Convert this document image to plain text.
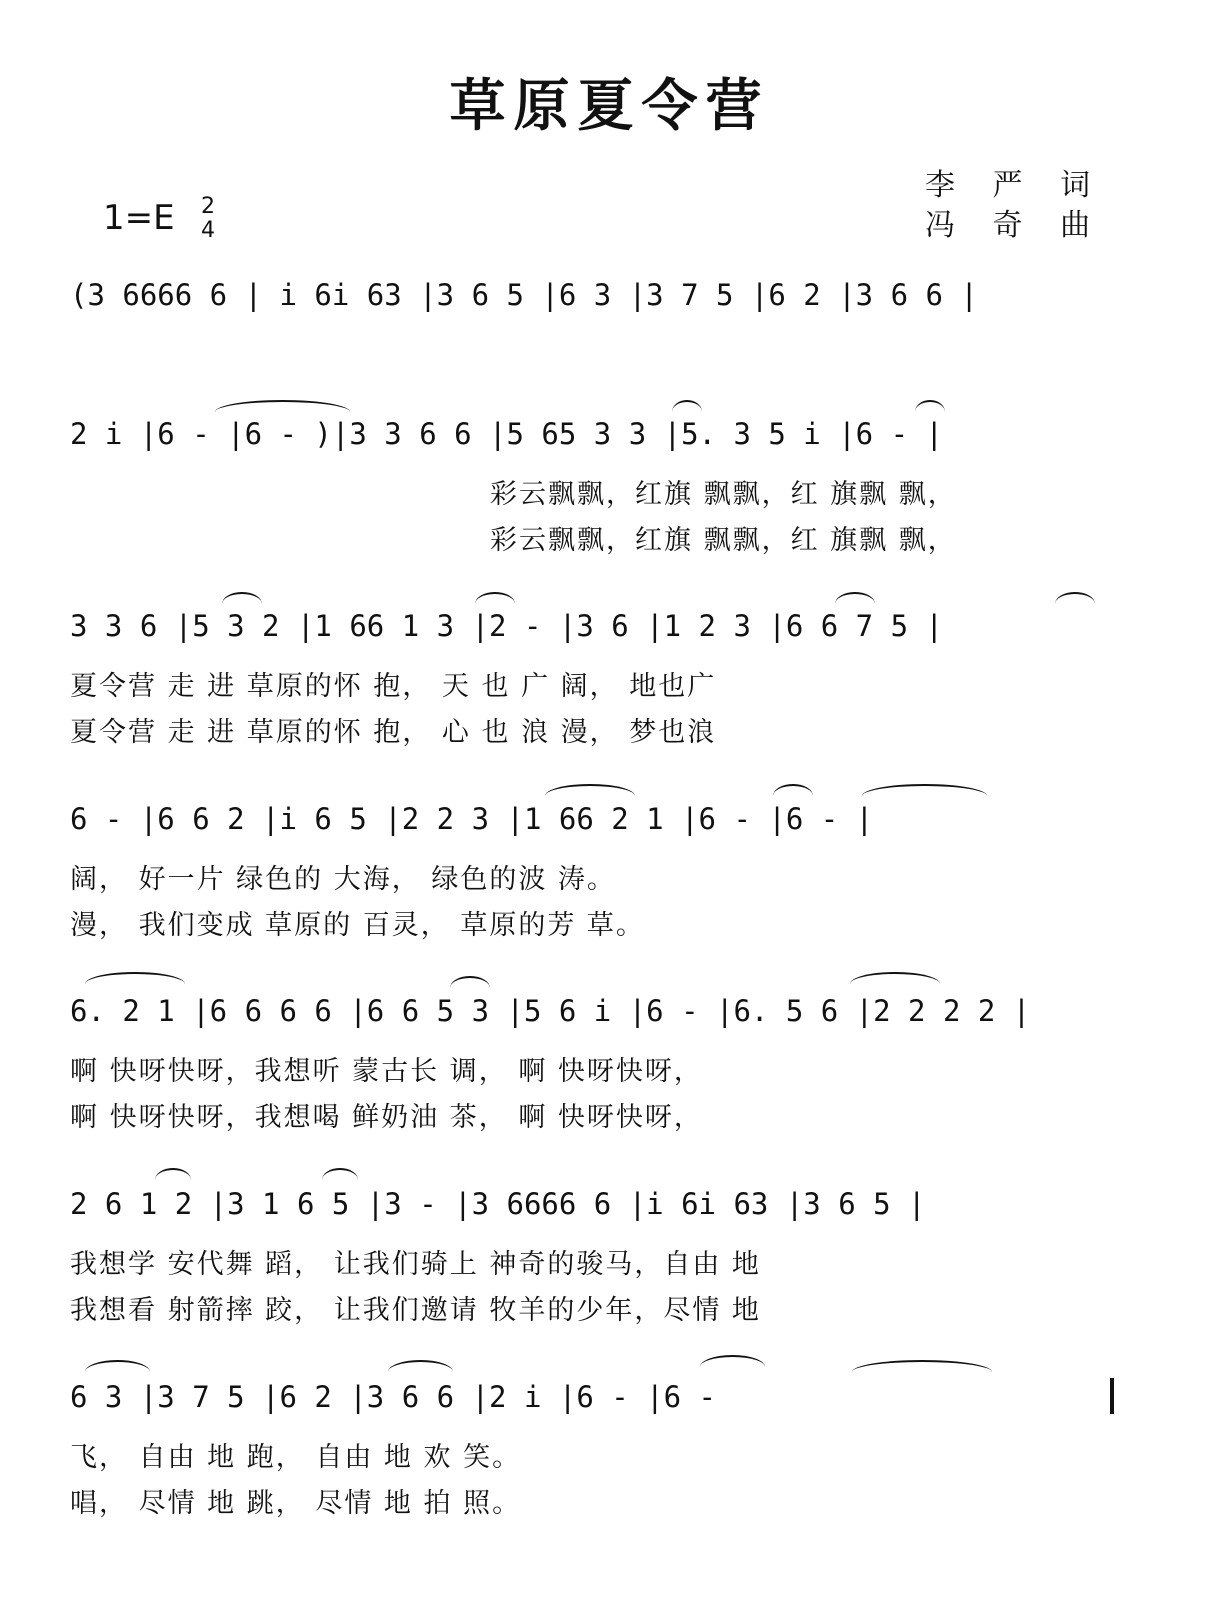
草原夏令营
李 严 词
冯 奇 曲
1=E 2
4
(3 6666 6 | i 6i 63 |3 6 5 |6 3 |3 7 5 |6 2 |3 6 6 |
2 i |6 - |6 - )|3 3 6 6 |5 65 3 3 |5. 3 5 i |6 - |
彩云飘飘，红旗 飘飘，红 旗飘 飘，
彩云飘飘，红旗 飘飘，红 旗飘 飘，
3 3 6 |5 3 2 |1 66 1 3 |2 - |3 6 |1 2 3 |6 6 7 5 |
夏令营 走 进 草原的怀 抱， 天 也 广 阔， 地也广
夏令营 走 进 草原的怀 抱， 心 也 浪 漫， 梦也浪
6 - |6 6 2 |i 6 5 |2 2 3 |1 66 2 1 |6 - |6 - |
阔， 好一片 绿色的 大海， 绿色的波 涛。
漫， 我们变成 草原的 百灵， 草原的芳 草。
6. 2 1 |6 6 6 6 |6 6 5 3 |5 6 i |6 - |6. 5 6 |2 2 2 2 |
啊 快呀快呀，我想听 蒙古长 调， 啊 快呀快呀，
啊 快呀快呀，我想喝 鲜奶油 茶， 啊 快呀快呀，
2 6 1 2 |3 1 6 5 |3 - |3 6666 6 |i 6i 63 |3 6 5 |
我想学 安代舞 蹈， 让我们骑上 神奇的骏马，自由 地
我想看 射箭摔 跤， 让我们邀请 牧羊的少年，尽情 地
6 3 |3 7 5 |6 2 |3 6 6 |2 i |6 - |6 -
飞， 自由 地 跑， 自由 地 欢 笑。
唱， 尽情 地 跳， 尽情 地 拍 照。
